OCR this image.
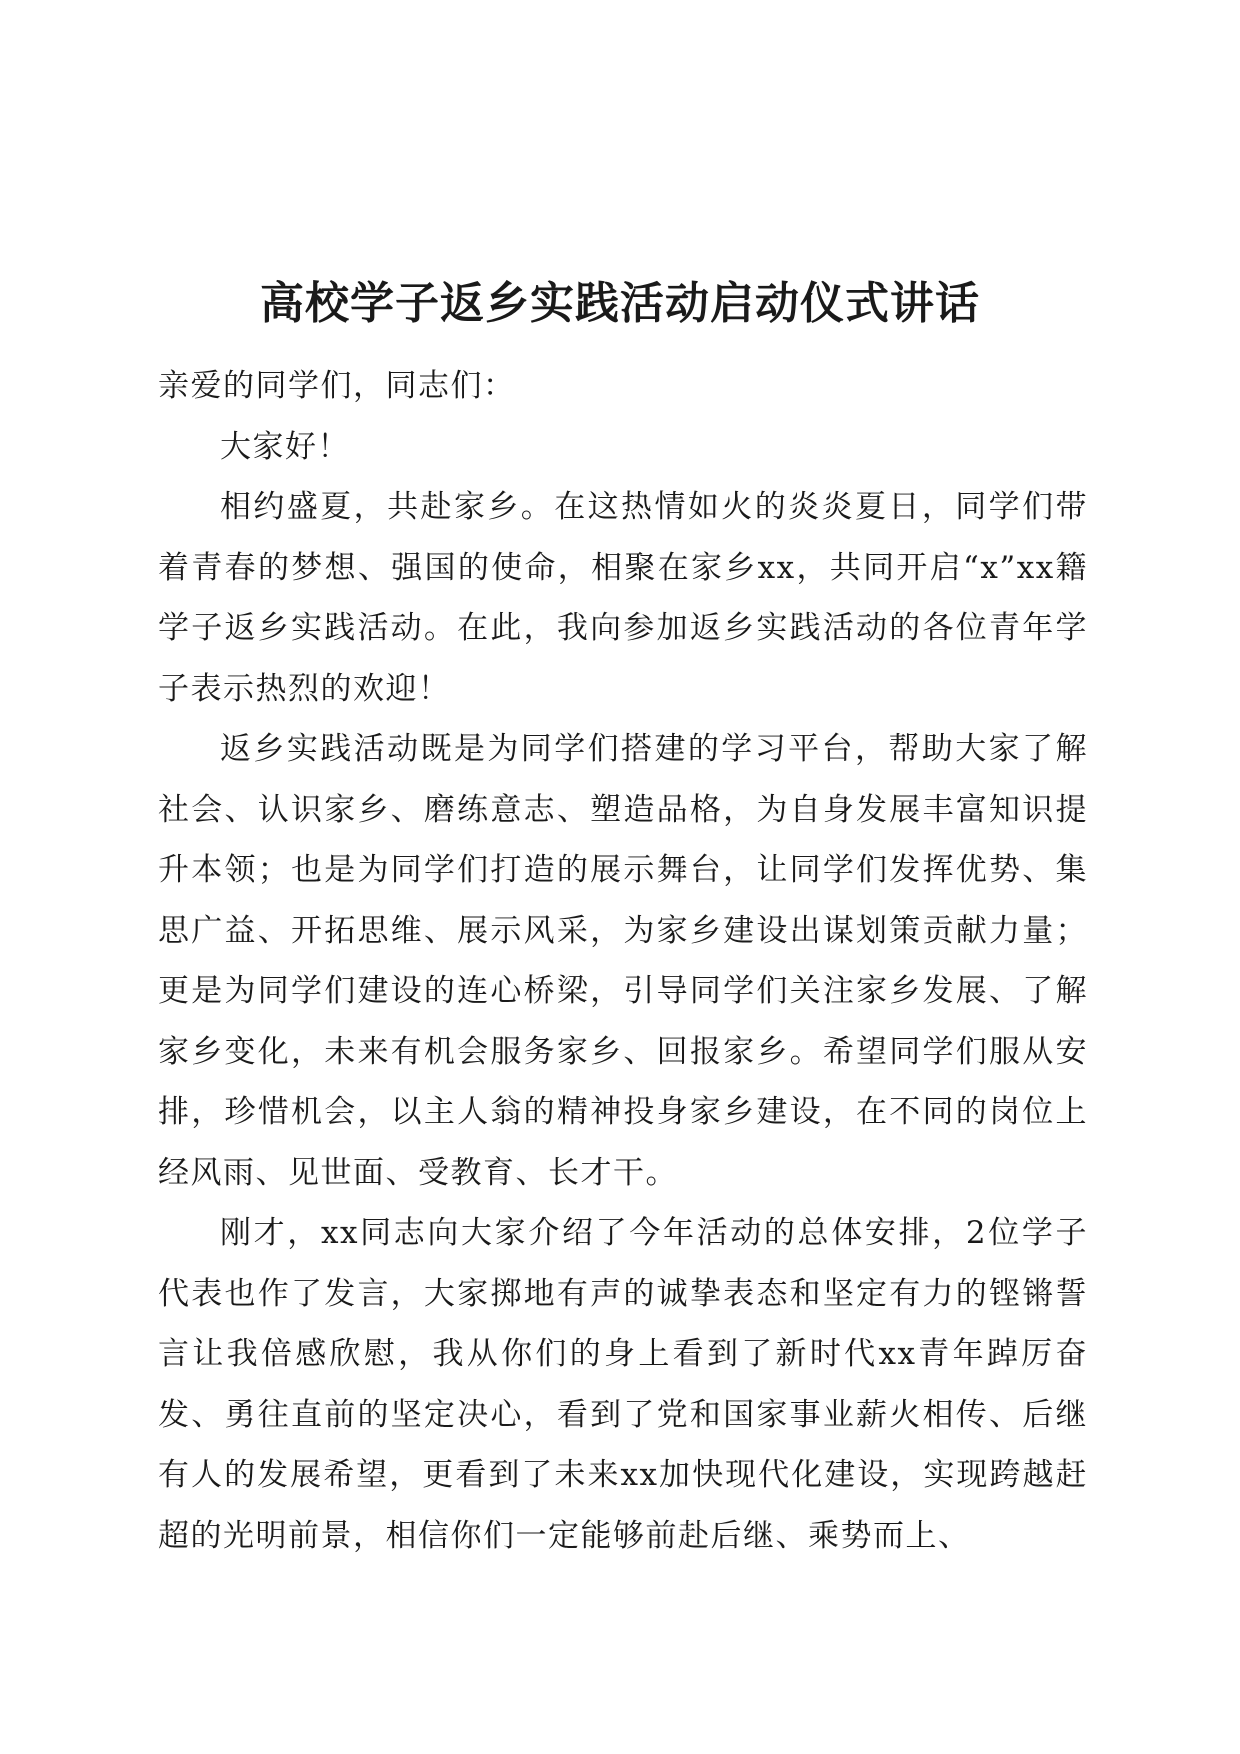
高校学子返乡实践活动启动仪式讲话

亲爱的同学们，同志们：

大家好！

相约盛夏，共赴家乡。在这热情如火的炎炎夏日，同学们带着青春的梦想、强国的使命，相聚在家乡xx，共同开启“x”xx籍学子返乡实践活动。在此，我向参加返乡实践活动的各位青年学子表示热烈的欢迎！

返乡实践活动既是为同学们搭建的学习平台，帮助大家了解社会、认识家乡、磨练意志、塑造品格，为自身发展丰富知识提升本领；也是为同学们打造的展示舞台，让同学们发挥优势、集思广益、开拓思维、展示风采，为家乡建设出谋划策贡献力量；更是为同学们建设的连心桥梁，引导同学们关注家乡发展、了解家乡变化，未来有机会服务家乡、回报家乡。希望同学们服从安排，珍惜机会，以主人翁的精神投身家乡建设，在不同的岗位上经风雨、见世面、受教育、长才干。

刚才，xx同志向大家介绍了今年活动的总体安排，2位学子代表也作了发言，大家掷地有声的诚挚表态和坚定有力的铿锵誓言让我倍感欣慰，我从你们的身上看到了新时代xx青年踔厉奋发、勇往直前的坚定决心，看到了党和国家事业薪火相传、后继有人的发展希望，更看到了未来xx加快现代化建设，实现跨越赶超的光明前景，相信你们一定能够前赴后继、乘势而上、
